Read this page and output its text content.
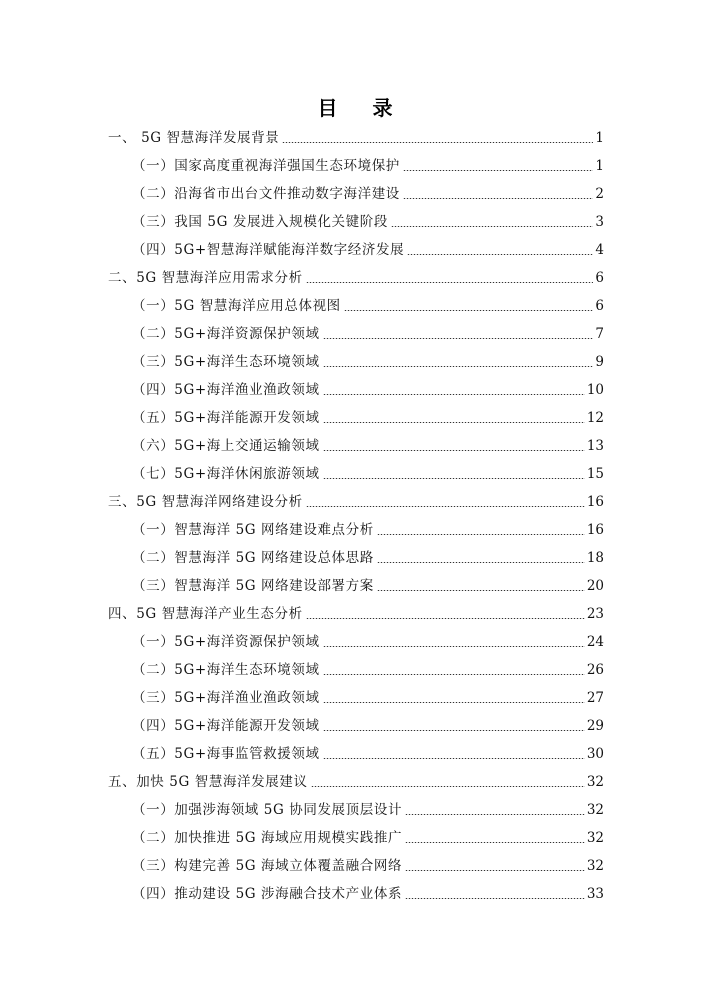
目 录
一、 5G 智慧海洋发展背景	1
（一）国家高度重视海洋强国生态环境保护	1
（二）沿海省市出台文件推动数字海洋建设	2
（三）我国 5G 发展进入规模化关键阶段	3
（四）5G+智慧海洋赋能海洋数字经济发展	4
二、5G 智慧海洋应用需求分析	6
（一）5G 智慧海洋应用总体视图	6
（二）5G+海洋资源保护领域	7
（三）5G+海洋生态环境领域	9
（四）5G+海洋渔业渔政领域	10
（五）5G+海洋能源开发领域	12
（六）5G+海上交通运输领域	13
（七）5G+海洋休闲旅游领域	15
三、5G 智慧海洋网络建设分析	16
（一）智慧海洋 5G 网络建设难点分析	16
（二）智慧海洋 5G 网络建设总体思路	18
（三）智慧海洋 5G 网络建设部署方案	20
四、5G 智慧海洋产业生态分析	23
（一）5G+海洋资源保护领域	24
（二）5G+海洋生态环境领域	26
（三）5G+海洋渔业渔政领域	27
（四）5G+海洋能源开发领域	29
（五）5G+海事监管救援领域	30
五、加快 5G 智慧海洋发展建议	32
（一）加强涉海领域 5G 协同发展顶层设计	32
（二）加快推进 5G 海域应用规模实践推广	32
（三）构建完善 5G 海域立体覆盖融合网络	32
（四）推动建设 5G 涉海融合技术产业体系	33
